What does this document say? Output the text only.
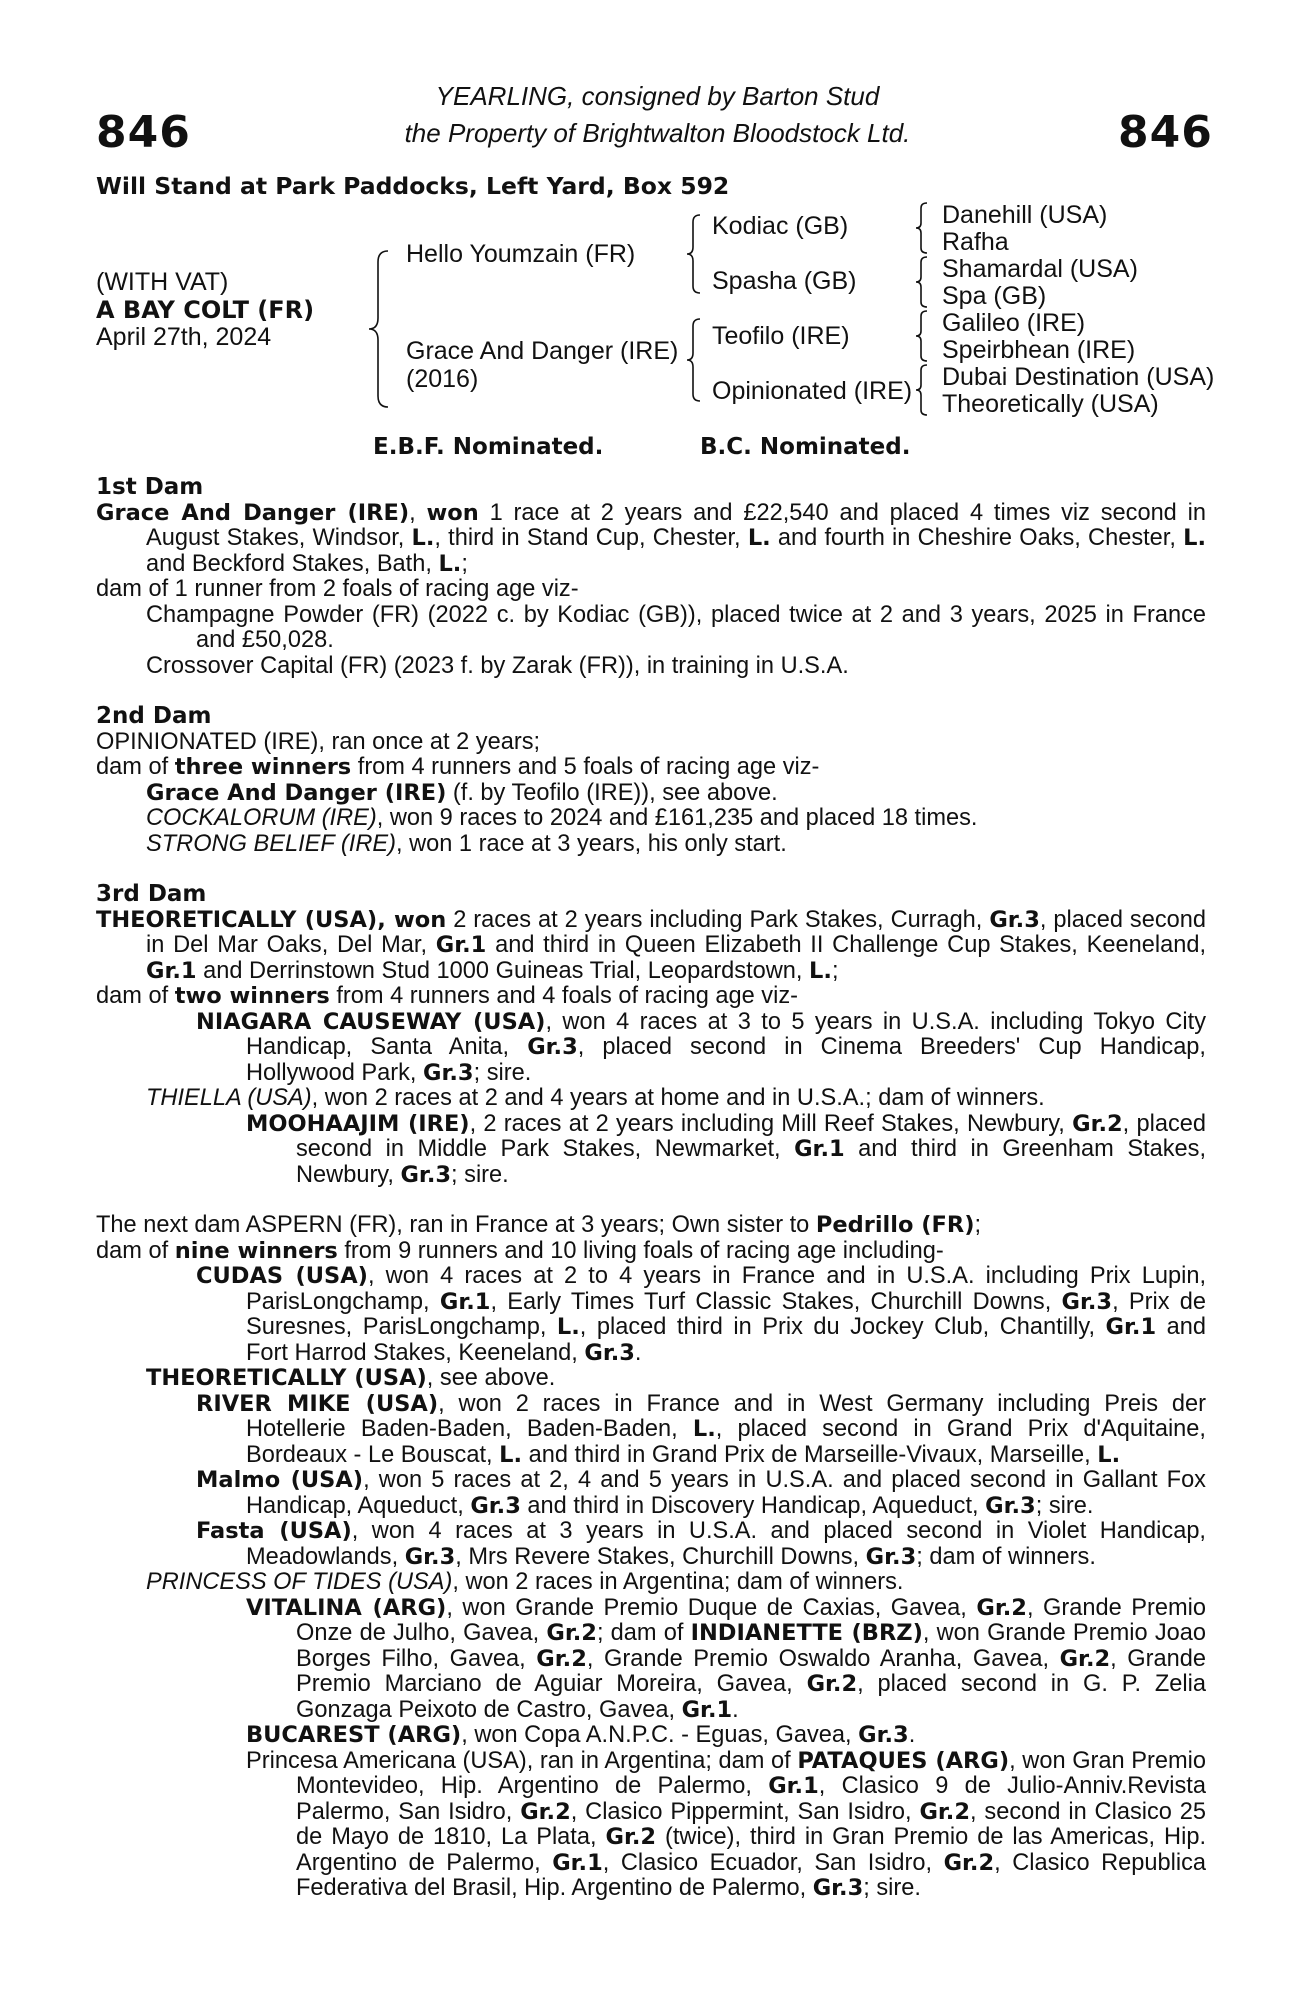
846	846
YEARLING, consigned by Barton Stud
the Property of Brightwalton Bloodstock Ltd.
Will Stand at Park Paddocks, Left Yard, Box 592
(WITH VAT)
A BAY COLT (FR)
April 27th, 2024
Hello Youmzain (FR)
Grace And Danger (IRE)
(2016)
Kodiac (GB)
Spasha (GB)
Teofilo (IRE)
Opinionated (IRE)
Danehill (USA)
Rafha
Shamardal (USA)
Spa (GB)
Galileo (IRE)
Speirbhean (IRE)
Dubai Destination (USA)
Theoretically (USA)
E.B.F. Nominated.	B.C. Nominated.
1st Dam

Grace And Danger (IRE), won 1 race at 2 years and £22,540 and placed 4 times viz second in August Stakes, Windsor, L., third in Stand Cup, Chester, L. and fourth in Cheshire Oaks, Chester, L. and Beckford Stakes, Bath, L.;

dam of 1 runner from 2 foals of racing age viz-

Champagne Powder (FR) (2022 c. by Kodiac (GB)), placed twice at 2 and 3 years, 2025 in France and £50,028.

Crossover Capital (FR) (2023 f. by Zarak (FR)), in training in U.S.A.

2nd Dam

OPINIONATED (IRE), ran once at 2 years;

dam of three winners from 4 runners and 5 foals of racing age viz-

Grace And Danger (IRE) (f. by Teofilo (IRE)), see above.

COCKALORUM (IRE), won 9 races to 2024 and £161,235 and placed 18 times.

STRONG BELIEF (IRE), won 1 race at 3 years, his only start.

3rd Dam

THEORETICALLY (USA), won 2 races at 2 years including Park Stakes, Curragh, Gr.3, placed second in Del Mar Oaks, Del Mar, Gr.1 and third in Queen Elizabeth II Challenge Cup Stakes, Keeneland, Gr.1 and Derrinstown Stud 1000 Guineas Trial, Leopardstown, L.;

dam of two winners from 4 runners and 4 foals of racing age viz-

NIAGARA CAUSEWAY (USA), won 4 races at 3 to 5 years in U.S.A. including Tokyo City Handicap, Santa Anita, Gr.3, placed second in Cinema Breeders' Cup Handicap, Hollywood Park, Gr.3; sire.

THIELLA (USA), won 2 races at 2 and 4 years at home and in U.S.A.; dam of winners.

MOOHAAJIM (IRE), 2 races at 2 years including Mill Reef Stakes, Newbury, Gr.2, placed second in Middle Park Stakes, Newmarket, Gr.1 and third in Greenham Stakes, Newbury, Gr.3; sire.

The next dam ASPERN (FR), ran in France at 3 years; Own sister to Pedrillo (FR);

dam of nine winners from 9 runners and 10 living foals of racing age including-

CUDAS (USA), won 4 races at 2 to 4 years in France and in U.S.A. including Prix Lupin, ParisLongchamp, Gr.1, Early Times Turf Classic Stakes, Churchill Downs, Gr.3, Prix de Suresnes, ParisLongchamp, L., placed third in Prix du Jockey Club, Chantilly, Gr.1 and Fort Harrod Stakes, Keeneland, Gr.3.

THEORETICALLY (USA), see above.

RIVER MIKE (USA), won 2 races in France and in West Germany including Preis der Hotellerie Baden-Baden, Baden-Baden, L., placed second in Grand Prix d'Aquitaine, Bordeaux - Le Bouscat, L. and third in Grand Prix de Marseille-Vivaux, Marseille, L.

Malmo (USA), won 5 races at 2, 4 and 5 years in U.S.A. and placed second in Gallant Fox Handicap, Aqueduct, Gr.3 and third in Discovery Handicap, Aqueduct, Gr.3; sire.

Fasta (USA), won 4 races at 3 years in U.S.A. and placed second in Violet Handicap, Meadowlands, Gr.3, Mrs Revere Stakes, Churchill Downs, Gr.3; dam of winners.

PRINCESS OF TIDES (USA), won 2 races in Argentina; dam of winners.

VITALINA (ARG), won Grande Premio Duque de Caxias, Gavea, Gr.2, Grande Premio Onze de Julho, Gavea, Gr.2; dam of INDIANETTE (BRZ), won Grande Premio Joao Borges Filho, Gavea, Gr.2, Grande Premio Oswaldo Aranha, Gavea, Gr.2, Grande Premio Marciano de Aguiar Moreira, Gavea, Gr.2, placed second in G. P. Zelia Gonzaga Peixoto de Castro, Gavea, Gr.1.

BUCAREST (ARG), won Copa A.N.P.C. - Eguas, Gavea, Gr.3.

Princesa Americana (USA), ran in Argentina; dam of PATAQUES (ARG), won Gran Premio Montevideo, Hip. Argentino de Palermo, Gr.1, Clasico 9 de Julio-Anniv.Revista Palermo, San Isidro, Gr.2, Clasico Pippermint, San Isidro, Gr.2, second in Clasico 25 de Mayo de 1810, La Plata, Gr.2 (twice), third in Gran Premio de las Americas, Hip. Argentino de Palermo, Gr.1, Clasico Ecuador, San Isidro, Gr.2, Clasico Republica Federativa del Brasil, Hip. Argentino de Palermo, Gr.3; sire.
